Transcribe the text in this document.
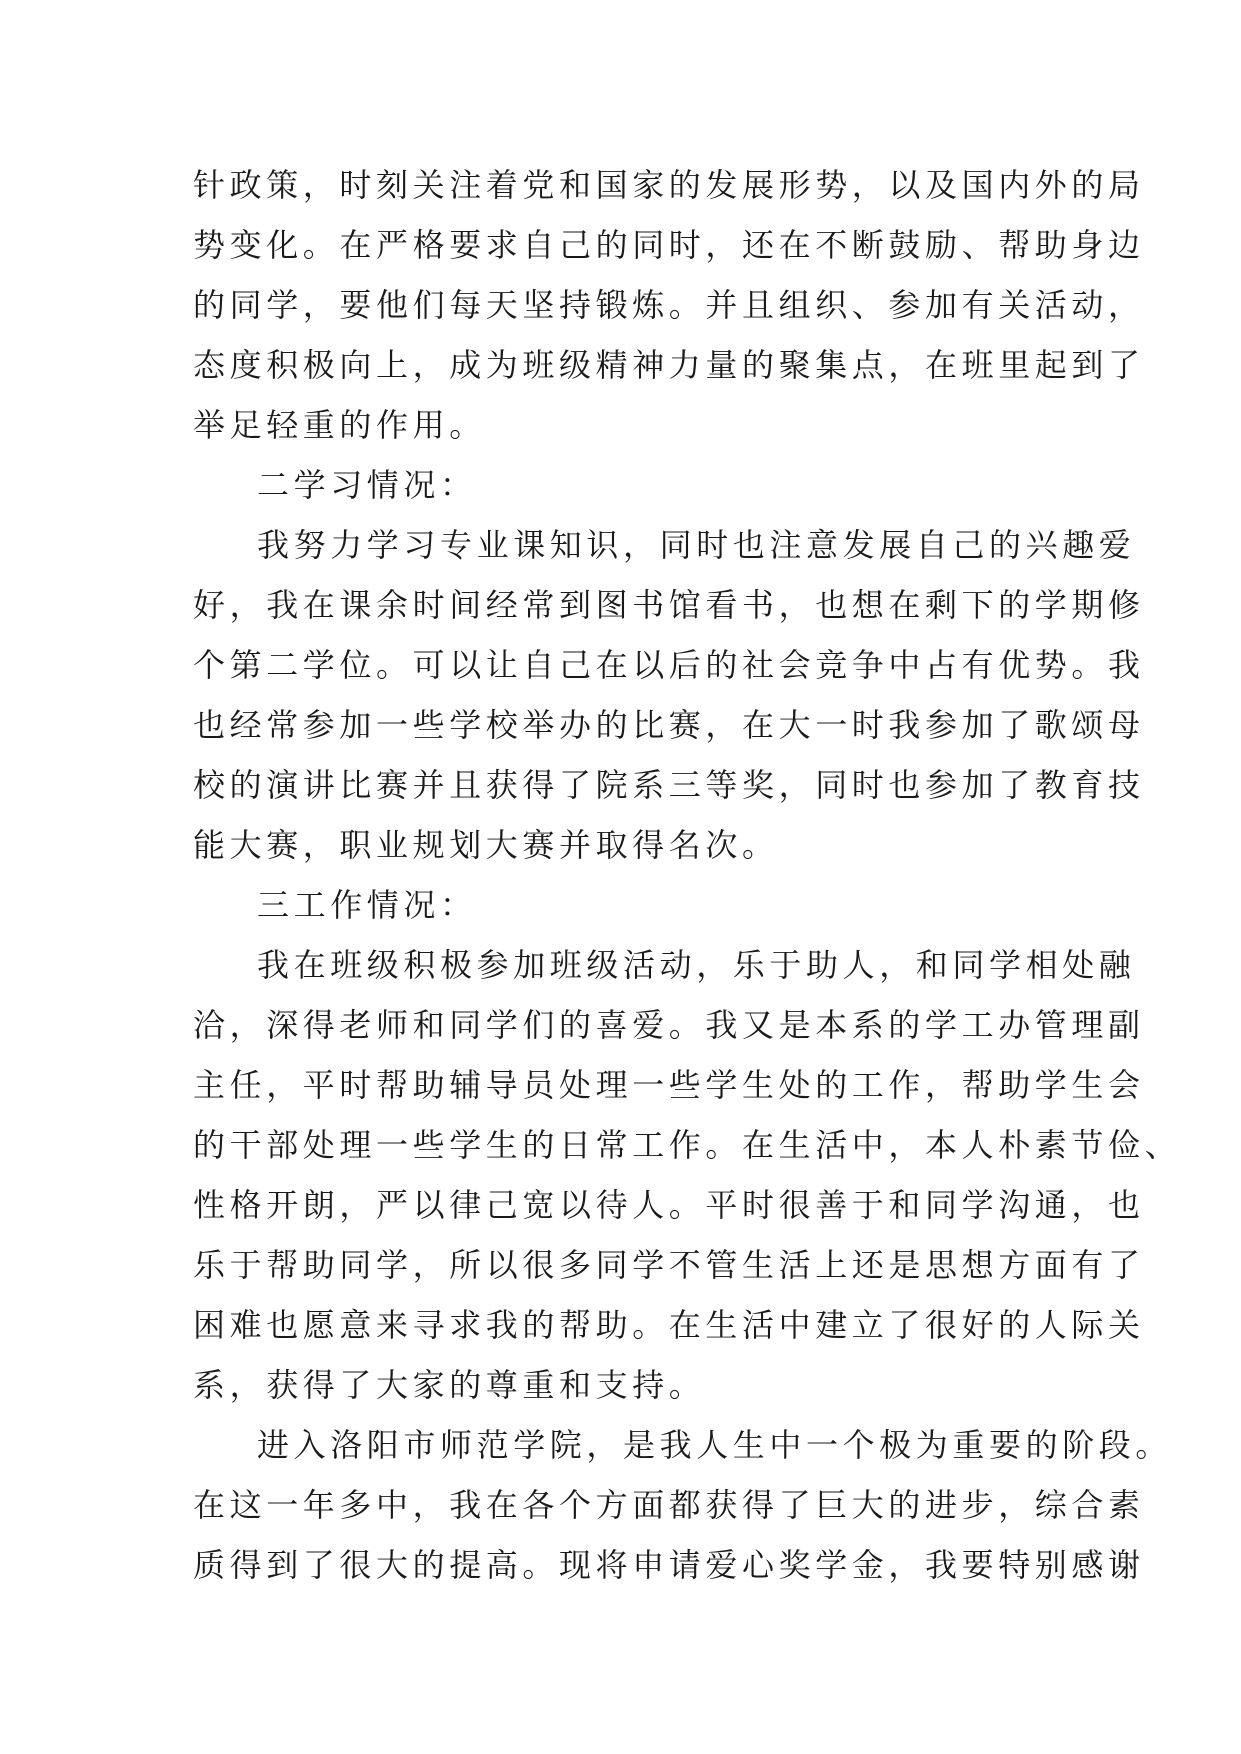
针政策，时刻关注着党和国家的发展形势，以及国内外的局
势变化。在严格要求自己的同时，还在不断鼓励、帮助身边
的同学，要他们每天坚持锻炼。并且组织、参加有关活动，
态度积极向上，成为班级精神力量的聚集点，在班里起到了
举足轻重的作用。
二学习情况：
我努力学习专业课知识，同时也注意发展自己的兴趣爱
好，我在课余时间经常到图书馆看书，也想在剩下的学期修
个第二学位。可以让自己在以后的社会竞争中占有优势。我
也经常参加一些学校举办的比赛，在大一时我参加了歌颂母
校的演讲比赛并且获得了院系三等奖，同时也参加了教育技
能大赛，职业规划大赛并取得名次。
三工作情况：
我在班级积极参加班级活动，乐于助人，和同学相处融
洽，深得老师和同学们的喜爱。我又是本系的学工办管理副
主任，平时帮助辅导员处理一些学生处的工作，帮助学生会
的干部处理一些学生的日常工作。在生活中，本人朴素节俭、
性格开朗，严以律己宽以待人。平时很善于和同学沟通，也
乐于帮助同学，所以很多同学不管生活上还是思想方面有了
困难也愿意来寻求我的帮助。在生活中建立了很好的人际关
系，获得了大家的尊重和支持。
进入洛阳市师范学院，是我人生中一个极为重要的阶段。
在这一年多中，我在各个方面都获得了巨大的进步，综合素
质得到了很大的提高。现将申请爱心奖学金，我要特别感谢
